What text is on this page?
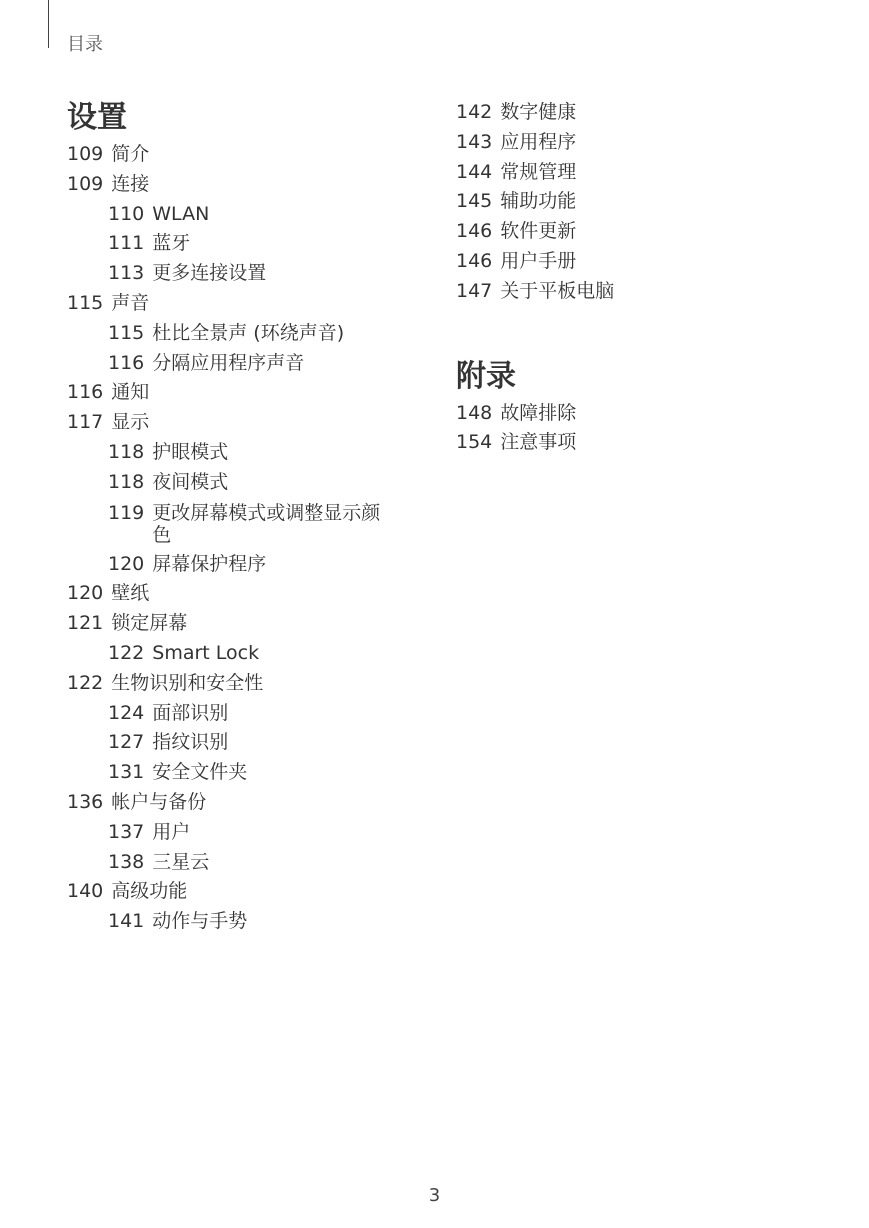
目录
设置
109 简介
109 连接
110 WLAN
111 蓝牙
113 更多连接设置
115 声音
115 杜比全景声 (环绕声音)
116 分隔应用程序声音
116 通知
117 显示
118 护眼模式
118 夜间模式
119 更改屏幕模式或调整显示颜色
120 屏幕保护程序
120 壁纸
121 锁定屏幕
122 Smart Lock
122 生物识别和安全性
124 面部识别
127 指纹识别
131 安全文件夹
136 帐户与备份
137 用户
138 三星云
140 高级功能
141 动作与手势
142 数字健康
143 应用程序
144 常规管理
145 辅助功能
146 软件更新
146 用户手册
147 关于平板电脑
附录
148 故障排除
154 注意事项
3
